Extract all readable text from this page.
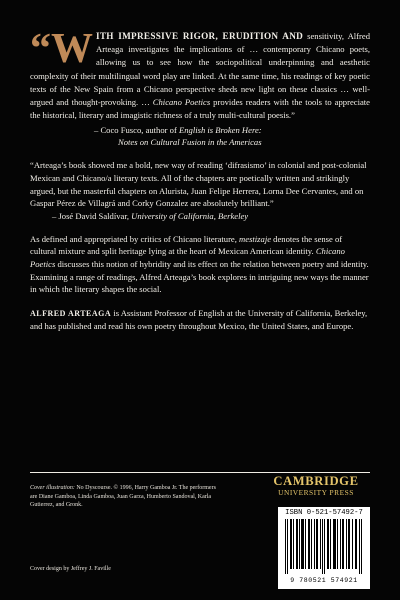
“W ITH IMPRESSIVE RIGOR, ERUDITION AND sensitivity, Alfred Arteaga investigates the implications of … contemporary Chicano poets, allowing us to see how the sociopolitical underpinning and aesthetic complexity of their multilingual word play are linked. At the same time, his readings of key poetic texts of the New Spain from a Chicano perspective sheds new light on these classics … well-argued and thought-provoking. … Chicano Poetics provides readers with the tools to appreciate the historical, literary and imagistic richness of a truly multi-cultural poesis.”
– Coco Fusco, author of English is Broken Here:
Notes on Cultural Fusion in the Americas
“Arteaga’s book showed me a bold, new way of reading ‘difrasismo’ in colonial and post-colonial Mexican and Chicano/a literary texts. All of the chapters are poetically written and strikingly argued, but the masterful chapters on Alurista, Juan Felipe Herrera, Lorna Dee Cervantes, and on Gaspar Pérez de Villagrá and Corky Gonzalez are absolutely brilliant.”
– José David Saldívar, University of California, Berkeley
As defined and appropriated by critics of Chicano literature, mestizaje denotes the sense of cultural mixture and split heritage lying at the heart of Mexican American identity. Chicano Poetics discusses this notion of hybridity and its effect on the relation between poetry and identity. Examining a range of readings, Alfred Arteaga’s book explores in intriguing new ways the manner in which the literary shapes the social.
ALFRED ARTEAGA is Assistant Professor of English at the University of California, Berkeley, and has published and read his own poetry throughout Mexico, the United States, and Europe.
Cover illustration: No Dyscourse. © 1996, Harry Gamboa Jr. The performers are Diane Gamboa, Linda Gamboa, Juan Garza, Humberto Sandoval, Karla Gutierrez, and Gronk.
Cover design by Jeffrey J. Faville
CAMBRIDGE
UNIVERSITY PRESS
ISBN 0-521-57492-7
9 780521 574921
